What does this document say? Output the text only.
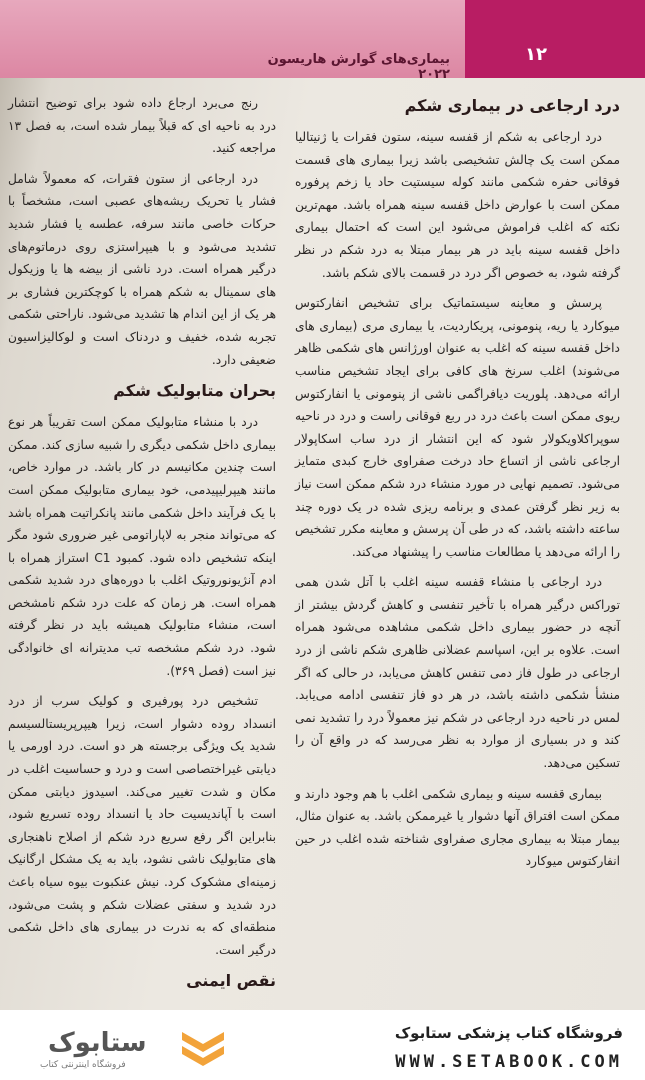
۱۲
بیماری‌های گوارش هاریسون ۲۰۲۲
درد ارجاعی در بیماری شکم

درد ارجاعی به شکم از قفسه سینه، ستون فقرات یا ژنیتالیا ممکن است یک چالش تشخیصی باشد زیرا بیماری های قسمت فوقانی حفره شکمی مانند کوله سیستیت حاد یا زخم پرفوره ممکن است با عوارض داخل قفسه سینه همراه باشد. مهم‌ترین نکته که اغلب فراموش می‌شود این است که احتمال بیماری داخل قفسه سینه باید در هر بیمار مبتلا به درد شکم در نظر گرفته شود، به خصوص اگر درد در قسمت بالای شکم باشد.

پرسش و معاینه سیستماتیک برای تشخیص انفارکتوس میوکارد یا ریه، پنومونی، پریکاردیت، یا بیماری مری (بیماری های داخل قفسه سینه که اغلب به عنوان اورژانس های شکمی ظاهر می‌شوند) اغلب سرنخ های کافی برای ایجاد تشخیص مناسب ارائه می‌دهد. پلوریت دیافراگمی ناشی از پنومونی یا انفارکتوس ریوی ممکن است باعث درد در ربع فوقانی راست و درد در ناحیه سوپراکلاویکولار شود که این انتشار از درد ساب اسکاپولار ارجاعی ناشی از اتساع حاد درخت صفراوی خارج کبدی متمایز می‌شود. تصمیم نهایی در مورد منشاء درد شکم ممکن است نیاز به زیر نظر گرفتن عمدی و برنامه ریزی شده در یک دوره چند ساعته داشته باشد، که در طی آن پرسش و معاینه مکرر تشخیص را ارائه می‌دهد یا مطالعات مناسب را پیشنهاد می‌کند.

درد ارجاعی با منشاء قفسه سینه اغلب با آتل شدن همی توراکس درگیر همراه با تأخیر تنفسی و کاهش گردش بیشتر از آنچه در حضور بیماری داخل شکمی مشاهده می‌شود همراه است. علاوه بر این، اسپاسم عضلانی ظاهری شکم ناشی از درد ارجاعی در طول فاز دمی تنفس کاهش می‌یابد، در حالی که اگر منشأ شکمی داشته باشد، در هر دو فاز تنفسی ادامه می‌یابد. لمس در ناحیه درد ارجاعی در شکم نیز معمولاً درد را تشدید نمی کند و در بسیاری از موارد به نظر می‌رسد که در واقع آن را تسکین می‌دهد.

بیماری قفسه سینه و بیماری شکمی اغلب با هم وجود دارند و ممکن است افتراق آنها دشوار یا غیرممکن باشد. به عنوان مثال، بیمار مبتلا به بیماری مجاری صفراوی شناخته شده اغلب در حین انفارکتوس میوکارد

رنج می‌برد ارجاع داده شود برای توضیح انتشار درد به ناحیه ای که قبلاً بیمار شده است، به فصل ۱۳ مراجعه کنید.

درد ارجاعی از ستون فقرات، که معمولاً شامل فشار یا تحریک ریشه‌های عصبی است، مشخصاً با حرکات خاصی مانند سرفه، عطسه یا فشار شدید تشدید می‌شود و با هیپراستزی روی درماتوم‌های درگیر همراه است. درد ناشی از بیضه ها یا وزیکول های سمینال به شکم همراه با کوچکترین فشاری بر هر یک از این اندام ها تشدید می‌شود. ناراحتی شکمی تجربه شده، خفیف و دردناک است و لوکالیزاسیون ضعیفی دارد.

بحران متابولیک شکم

درد با منشاء متابولیک ممکن است تقریباً هر نوع بیماری داخل شکمی دیگری را شبیه سازی کند. ممکن است چندین مکانیسم در کار باشد. در موارد خاص، مانند هیپرلیپیدمی، خود بیماری متابولیک ممکن است با یک فرآیند داخل شکمی مانند پانکراتیت همراه باشد که می‌تواند منجر به لاپاراتومی غیر ضروری شود مگر اینکه تشخیص داده شود. کمبود C1 استراز همراه با ادم آنژیونوروتیک اغلب با دوره‌های درد شدید شکمی همراه است. هر زمان که علت درد شکم نامشخص است، منشاء متابولیک همیشه باید در نظر گرفته شود. درد شکم مشخصه تب مدیترانه ای خانوادگی نیز است (فصل ۳۶۹).

تشخیص درد پورفیری و کولیک سرب از درد انسداد روده دشوار است، زیرا هیپرپریستالسیسم شدید یک ویژگی برجسته هر دو است. درد اورمی یا دیابتی غیراختصاصی است و درد و حساسیت اغلب در مکان و شدت تغییر می‌کند. اسیدوز دیابتی ممکن است با آپاندیسیت حاد یا انسداد روده تسریع شود، بنابراین اگر رفع سریع درد شکم از اصلاح ناهنجاری های متابولیک ناشی نشود، باید به یک مشکل ارگانیک زمینه‌ای مشکوک کرد. نیش عنکبوت بیوه سیاه باعث درد شدید و سفتی عضلات شکم و پشت می‌شود، منطقه‌ای که به ندرت در بیماری های داخل شکمی درگیر است.

نقص ایمنی
فروشگاه کتاب پزشکی ستابوک
WWW.SETABOOK.COM
ستابوک
فروشگاه اینترنتی کتاب
